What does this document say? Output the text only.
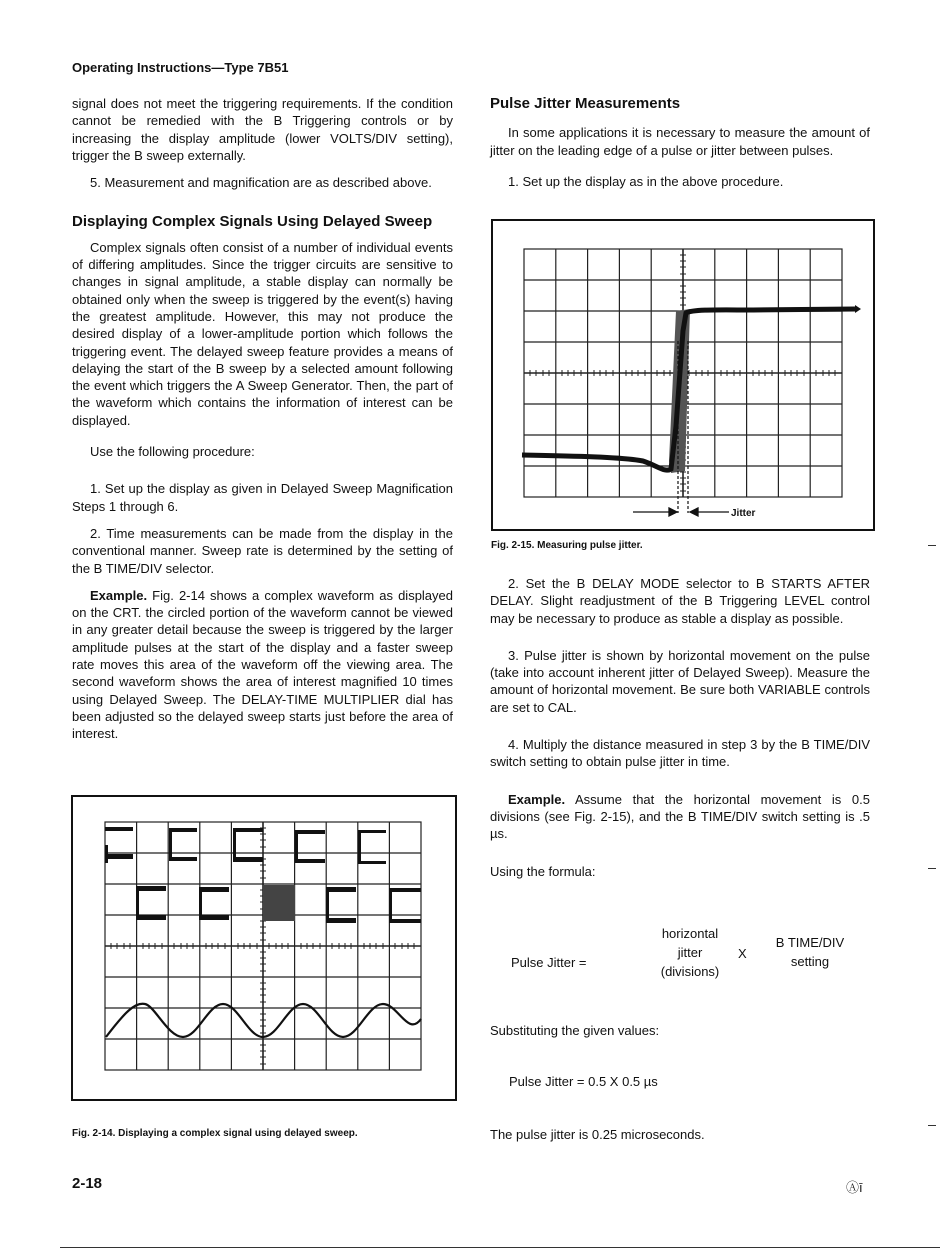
Operating Instructions—Type 7B51

signal does not meet the triggering requirements. If the condition cannot be remedied with the B Triggering controls or by increasing the display amplitude (lower VOLTS/DIV setting), trigger the B sweep externally.

5. Measurement and magnification are as described above.

Displaying Complex Signals Using Delayed Sweep

Complex signals often consist of a number of individual events of differing amplitudes. Since the trigger circuits are sensitive to changes in signal amplitude, a stable display can normally be obtained only when the sweep is triggered by the event(s) having the greatest amplitude. However, this may not produce the desired display of a lower-amplitude portion which follows the triggering event. The delayed sweep feature provides a means of delaying the start of the B sweep by a selected amount following the event which triggers the A Sweep Generator. Then, the part of the waveform which contains the information of interest can be displayed.

Use the following procedure:

1. Set up the display as given in Delayed Sweep Magnification Steps 1 through 6.

2. Time measurements can be made from the display in the conventional manner. Sweep rate is determined by the setting of the B TIME/DIV selector.

Example. Fig. 2-14 shows a complex waveform as displayed on the CRT. the circled portion of the waveform cannot be viewed in any greater detail because the sweep is triggered by the larger amplitude pulses at the start of the display and a faster sweep rate moves this area of the waveform off the viewing area. The second waveform shows the area of interest magnified 10 times using Delayed Sweep. The DELAY-TIME MULTIPLIER dial has been adjusted so the delayed sweep starts just before the area of interest.

Fig. 2-14. Displaying a complex signal using delayed sweep.
Pulse Jitter Measurements

In some applications it is necessary to measure the amount of jitter on the leading edge of a pulse or jitter between pulses.

1. Set up the display as in the above procedure.

Jitter
Fig. 2-15. Measuring pulse jitter.

2. Set the B DELAY MODE selector to B STARTS AFTER DELAY. Slight readjustment of the B Triggering LEVEL control may be necessary to produce as stable a display as possible.

3. Pulse jitter is shown by horizontal movement on the pulse (take into account inherent jitter of Delayed Sweep). Measure the amount of horizontal movement. Be sure both VARIABLE controls are set to CAL.

4. Multiply the distance measured in step 3 by the B TIME/DIV switch setting to obtain pulse jitter in time.

Example. Assume that the horizontal movement is 0.5 divisions (see Fig. 2-15), and the B TIME/DIV switch setting is .5 µs.

Using the formula:

Pulse Jitter =
horizontal
jitter
(divisions)
X
B TIME/DIV
setting
Substituting the given values:
Pulse Jitter = 0.5 X 0.5 µs
The pulse jitter is 0.25 microseconds.
2-18	Ⓐī
